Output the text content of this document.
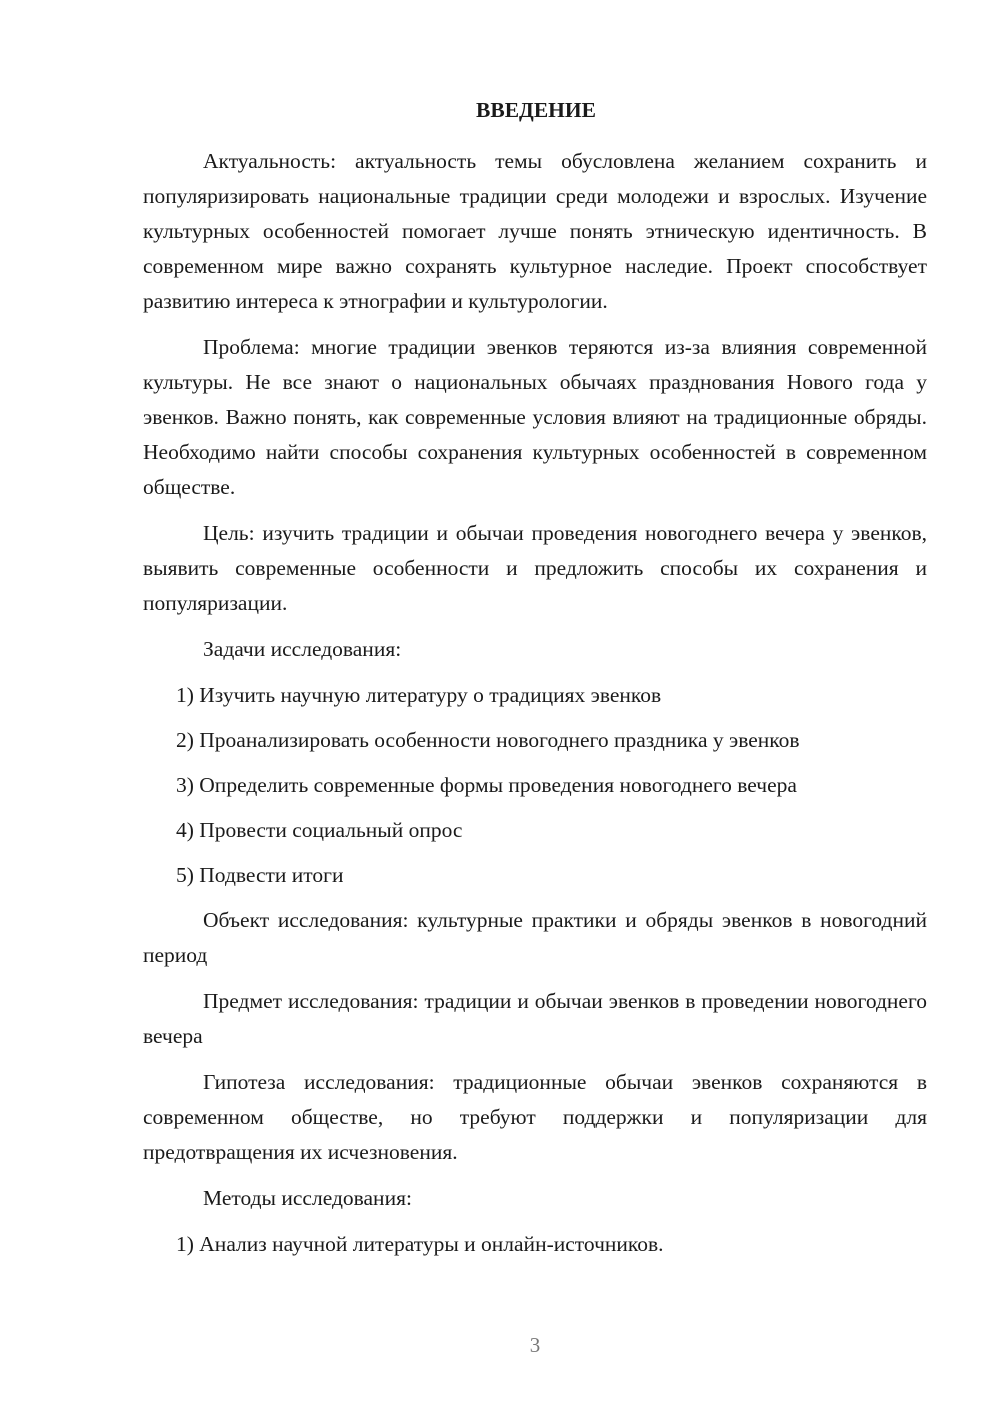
ВВЕДЕНИЕ

Актуальность: актуальность темы обусловлена желанием сохранить и популяризировать национальные традиции среди молодежи и взрослых. Изучение культурных особенностей помогает лучше понять этническую идентичность. В современном мире важно сохранять культурное наследие. Проект способствует развитию интереса к этнографии и культурологии.

Проблема: многие традиции эвенков теряются из-за влияния современной культуры. Не все знают о национальных обычаях празднования Нового года у эвенков. Важно понять, как современные условия влияют на традиционные обряды. Необходимо найти способы сохранения культурных особенностей в современном обществе.

Цель: изучить традиции и обычаи проведения новогоднего вечера у эвенков, выявить современные особенности и предложить способы их сохранения и популяризации.

Задачи исследования:

1) Изучить научную литературу о традициях эвенков
2) Проанализировать особенности новогоднего праздника у эвенков
3) Определить современные формы проведения новогоднего вечера
4) Провести социальный опрос
5) Подвести итоги

Объект исследования: культурные практики и обряды эвенков в новогодний период

Предмет исследования: традиции и обычаи эвенков в проведении новогоднего вечера

Гипотеза исследования: традиционные обычаи эвенков сохраняются в современном обществе, но требуют поддержки и популяризации для предотвращения их исчезновения.

Методы исследования:

1) Анализ научной литературы и онлайн-источников.
3
